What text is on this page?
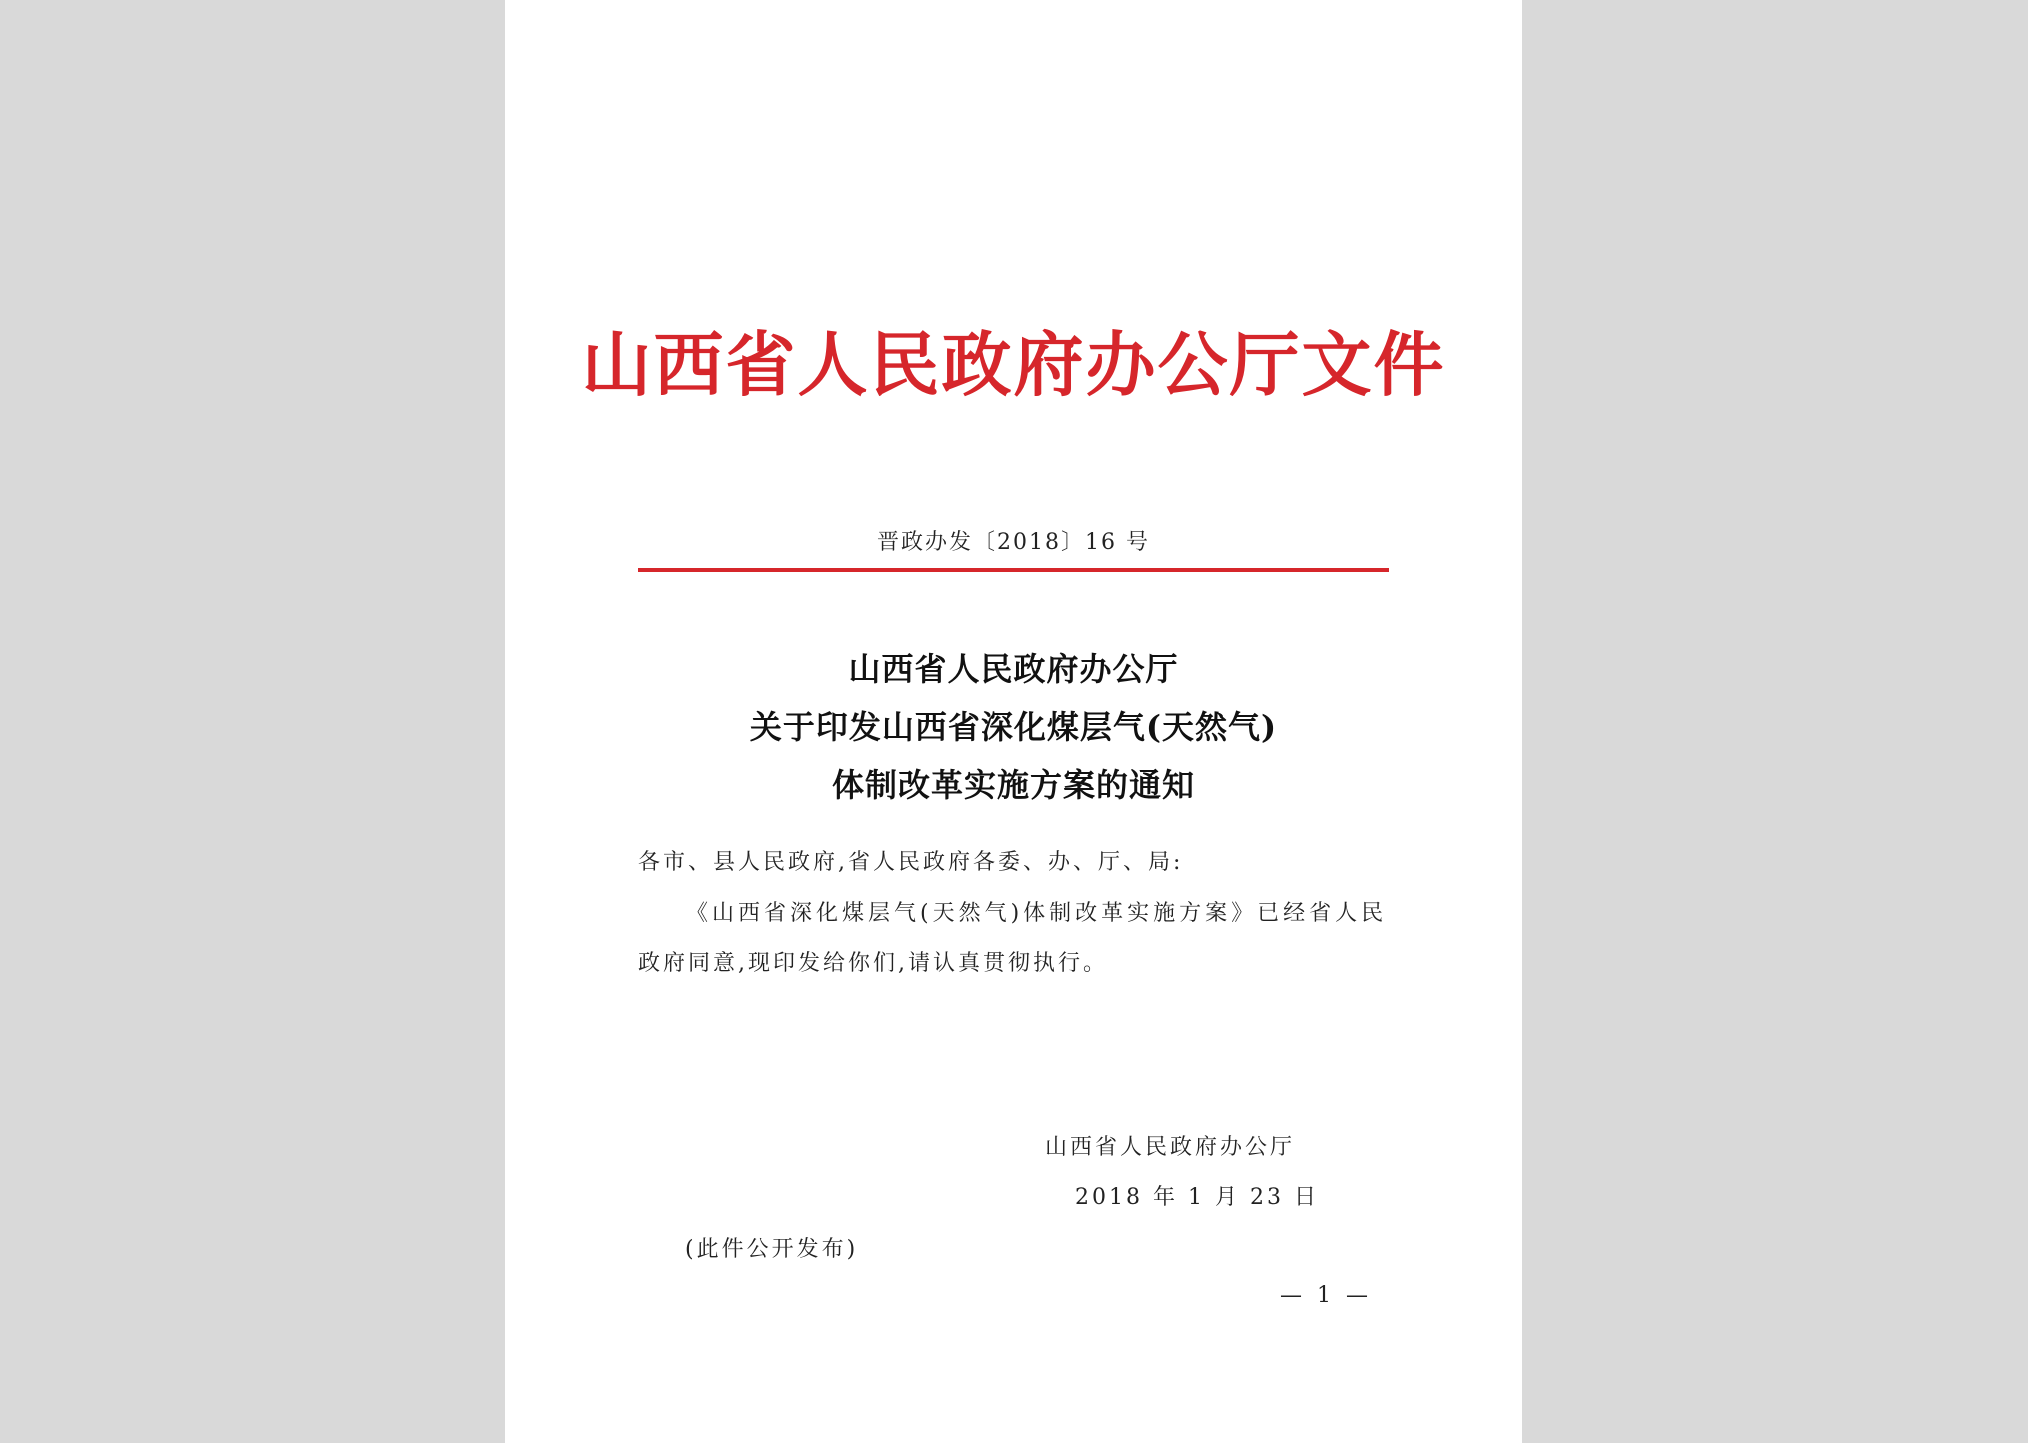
山西省人民政府办公厅文件
晋政办发〔2018〕16 号
山西省人民政府办公厅
关于印发山西省深化煤层气(天然气)
体制改革实施方案的通知
各市、县人民政府,省人民政府各委、办、厅、局:
《山西省深化煤层气(天然气)体制改革实施方案》已经省人民
政府同意,现印发给你们,请认真贯彻执行。
山西省人民政府办公厅
2018 年 1 月 23 日
(此件公开发布)
— 1 —
